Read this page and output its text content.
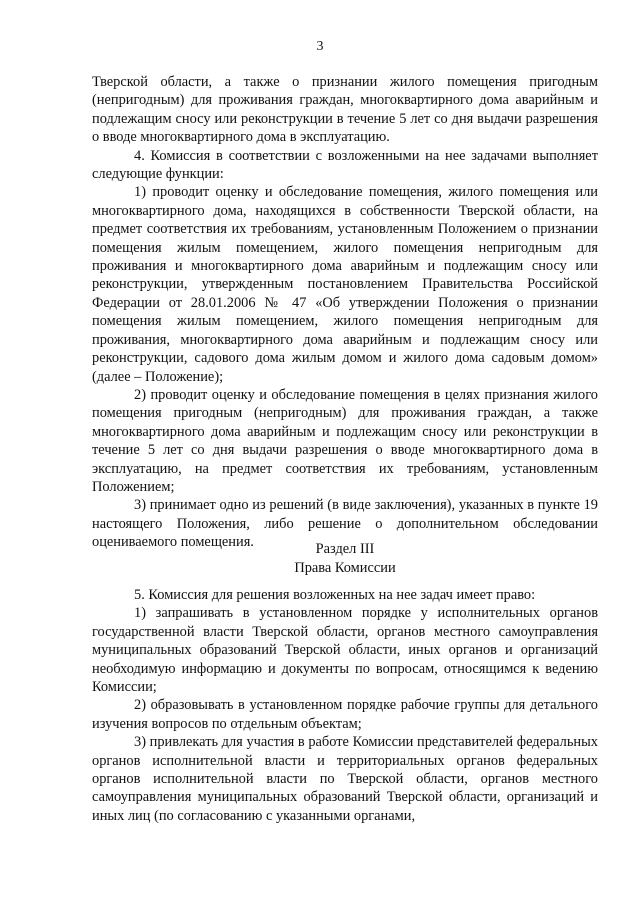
3

Тверской области, а также о признании жилого помещения пригодным (непригодным) для проживания граждан, многоквартирного дома аварийным и подлежащим сносу или реконструкции в течение 5 лет со дня выдачи разрешения о вводе многоквартирного дома в эксплуатацию.

4. Комиссия в соответствии с возложенными на нее задачами выполняет следующие функции:

1) проводит оценку и обследование помещения, жилого помещения или многоквартирного дома, находящихся в собственности Тверской области, на предмет соответствия их требованиям, установленным Положением о признании помещения жилым помещением, жилого помещения непригодным для проживания и многоквартирного дома аварийным и подлежащим сносу или реконструкции, утвержденным постановлением Правительства Российской Федерации от 28.01.2006 № 47 «Об утверждении Положения о признании помещения жилым помещением, жилого помещения непригодным для проживания, многоквартирного дома аварийным и подлежащим сносу или реконструкции, садового дома жилым домом и жилого дома садовым домом» (далее – Положение);

2) проводит оценку и обследование помещения в целях признания жилого помещения пригодным (непригодным) для проживания граждан, а также многоквартирного дома аварийным и подлежащим сносу или реконструкции в течение 5 лет со дня выдачи разрешения о вводе многоквартирного дома в эксплуатацию, на предмет соответствия их требованиям, установленным Положением;

3) принимает одно из решений (в виде заключения), указанных в пункте 19 настоящего Положения, либо решение о дополнительном обследовании оцениваемого помещения.	Раздел III
Права Комиссии

5. Комиссия для решения возложенных на нее задач имеет право:

1) запрашивать в установленном порядке у исполнительных органов государственной власти Тверской области, органов местного самоуправления муниципальных образований Тверской области, иных органов и организаций необходимую информацию и документы по вопросам, относящимся к ведению Комиссии;

2) образовывать в установленном порядке рабочие группы для детального изучения вопросов по отдельным объектам;

3) привлекать для участия в работе Комиссии представителей федеральных органов исполнительной власти и территориальных органов федеральных органов исполнительной власти по Тверской области, органов местного самоуправления муниципальных образований Тверской области, организаций и иных лиц (по согласованию с указанными органами,
